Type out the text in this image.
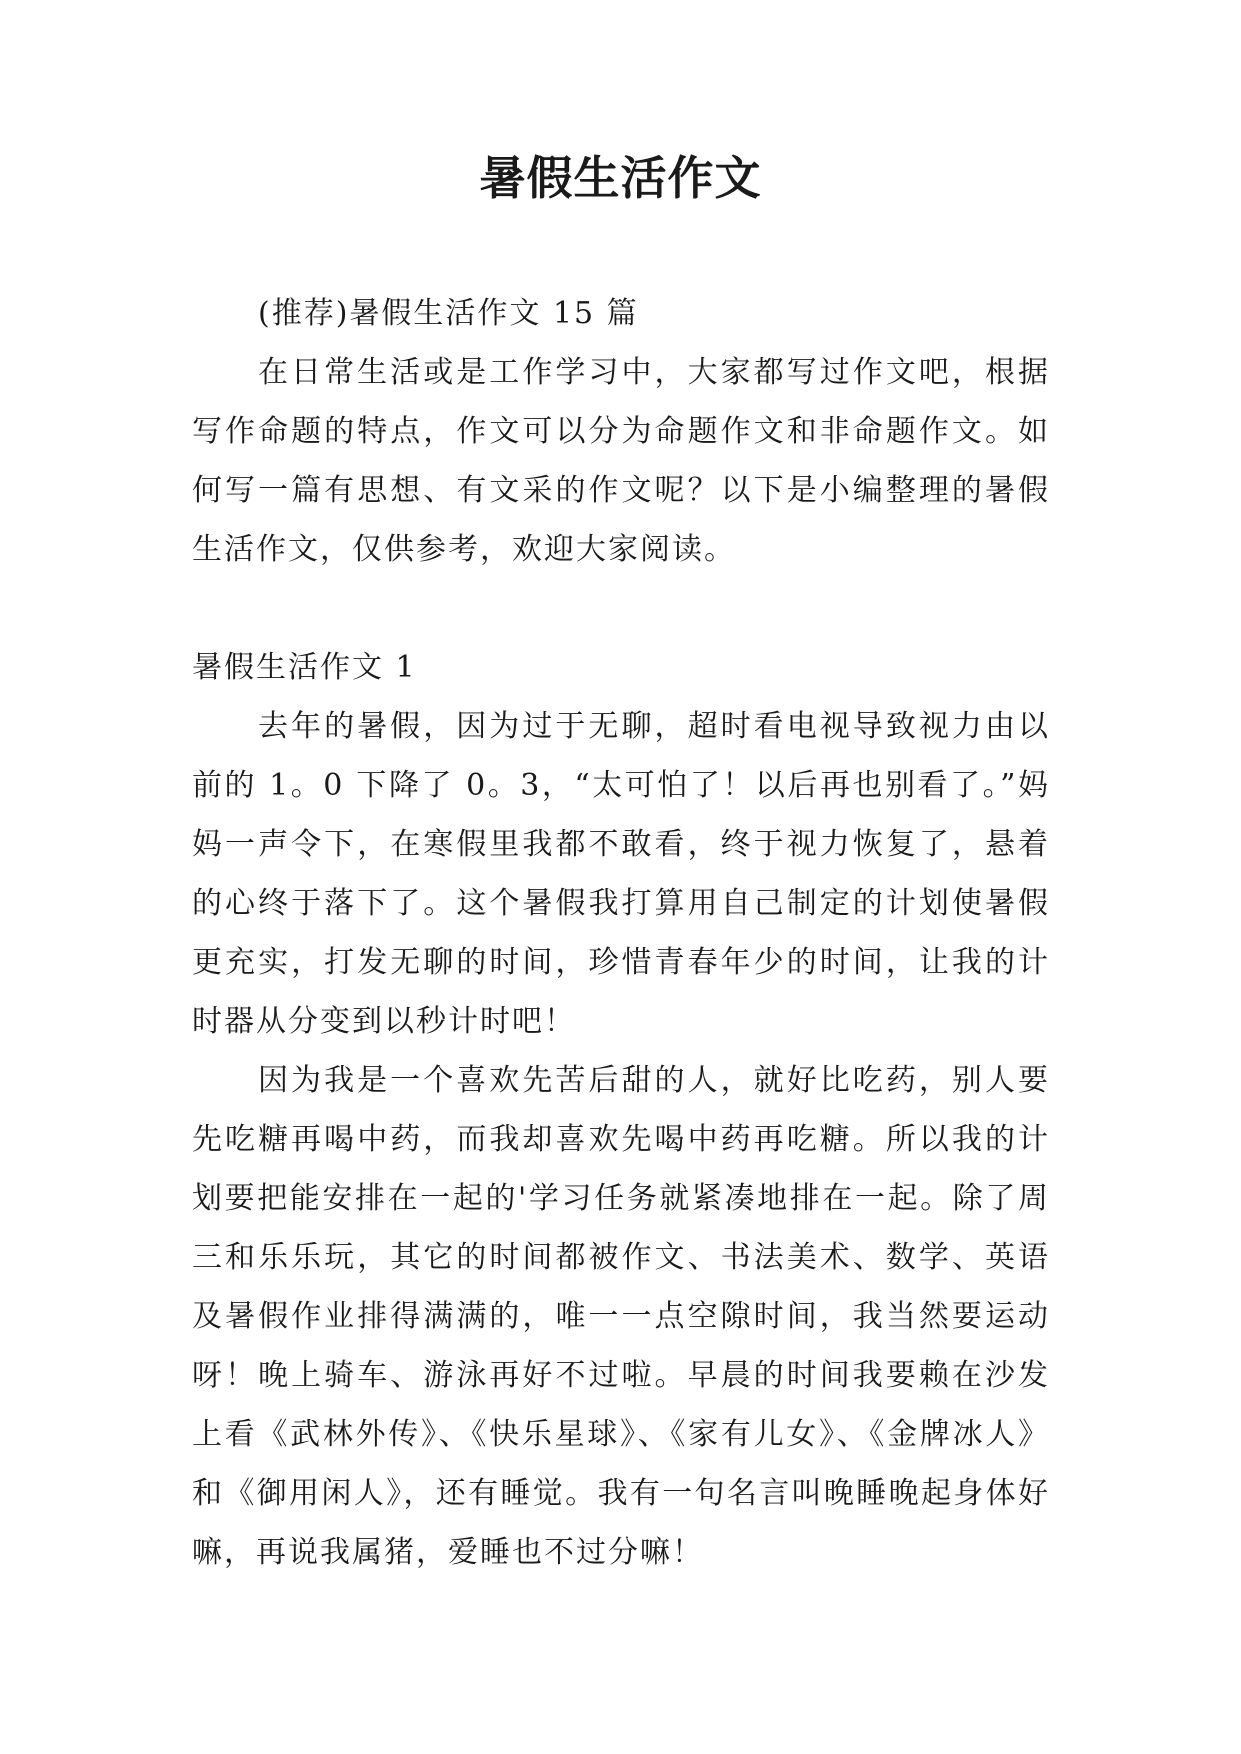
暑假生活作文

(推荐)暑假生活作文 15 篇

在日常生活或是工作学习中，大家都写过作文吧，根据写作命题的特点，作文可以分为命题作文和非命题作文。如何写一篇有思想、有文采的作文呢？以下是小编整理的暑假生活作文，仅供参考，欢迎大家阅读。

暑假生活作文 1

去年的暑假，因为过于无聊，超时看电视导致视力由以前的 1。0 下降了 0。3，“太可怕了！以后再也别看了。”妈妈一声令下，在寒假里我都不敢看，终于视力恢复了，悬着的心终于落下了。这个暑假我打算用自己制定的计划使暑假更充实，打发无聊的时间，珍惜青春年少的时间，让我的计时器从分变到以秒计时吧！

因为我是一个喜欢先苦后甜的人，就好比吃药，别人要先吃糖再喝中药，而我却喜欢先喝中药再吃糖。所以我的计划要把能安排在一起的'学习任务就紧凑地排在一起。除了周三和乐乐玩，其它的时间都被作文、书法美术、数学、英语及暑假作业排得满满的，唯一一点空隙时间，我当然要运动呀！晚上骑车、游泳再好不过啦。早晨的时间我要赖在沙发上看《武林外传》、《快乐星球》、《家有儿女》、《金牌冰人》和《御用闲人》，还有睡觉。我有一句名言叫晚睡晚起身体好嘛，再说我属猪，爱睡也不过分嘛！
